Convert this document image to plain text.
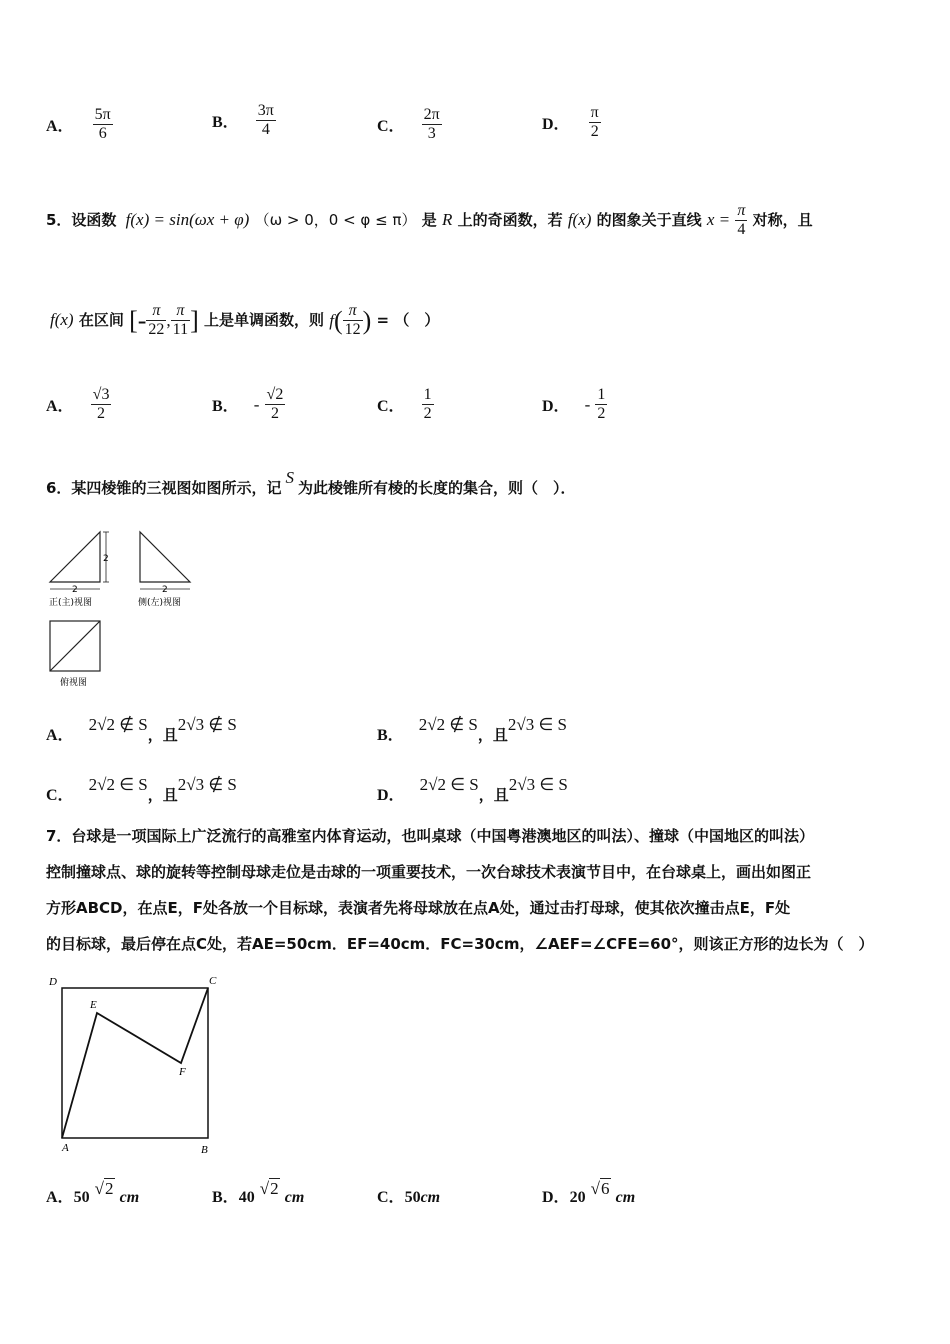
A． $\frac{5\pi}{6}$	B． $\frac{3\pi}{4}$	C． $\frac{2\pi}{3}$	D． $\frac{\pi}{2}$
5．设函数 f(x) = sin(ωx + φ) （ω > 0，0 < φ ≤ π） 是 R 上的奇函数，若 f(x) 的图象关于直线 $x = \frac{\pi}{4}$ 对称，且
f(x) 在区间 [- $\frac{\pi}{22}$ , $\frac{\pi}{11}$ ] 上是单调函数，则 f ( $\frac{\pi}{12}$ ) = （　）
A． $\frac{√3}{2}$	B． - $\frac{√2}{2}$	C． $\frac{1}{2}$	D． - $\frac{1}{2}$
6．某四棱锥的三视图如图所示，记S为此棱锥所有棱的长度的集合，则（　）．
2
2
正(主)视图
2
侧(左)视图
俯视图
A． 2√2 ∉ S，且2√3 ∉ S
B． 2√2 ∉ S，且2√3 ∈ S
C． 2√2 ∈ S，且2√3 ∉ S
D． 2√2 ∈ S，且2√3 ∈ S
7．台球是一项国际上广泛流行的高雅室内体育运动，也叫桌球（中国粤港澳地区的叫法）、撞球（中国地区的叫法）
控制撞球点、球的旋转等控制母球走位是击球的一项重要技术，一次台球技术表演节目中，在台球桌上，画出如图正
方形ABCD，在点E，F处各放一个目标球，表演者先将母球放在点A处，通过击打母球，使其依次撞击点E，F处
的目标球，最后停在点C处，若AE=50cm．EF=40cm．FC=30cm，∠AEF=∠CFE=60°，则该正方形的边长为（　）
D	C
E
F
A	B
A．50 √2 cm	B．40 √2 cm	C．50cm	D．20 √6 cm
